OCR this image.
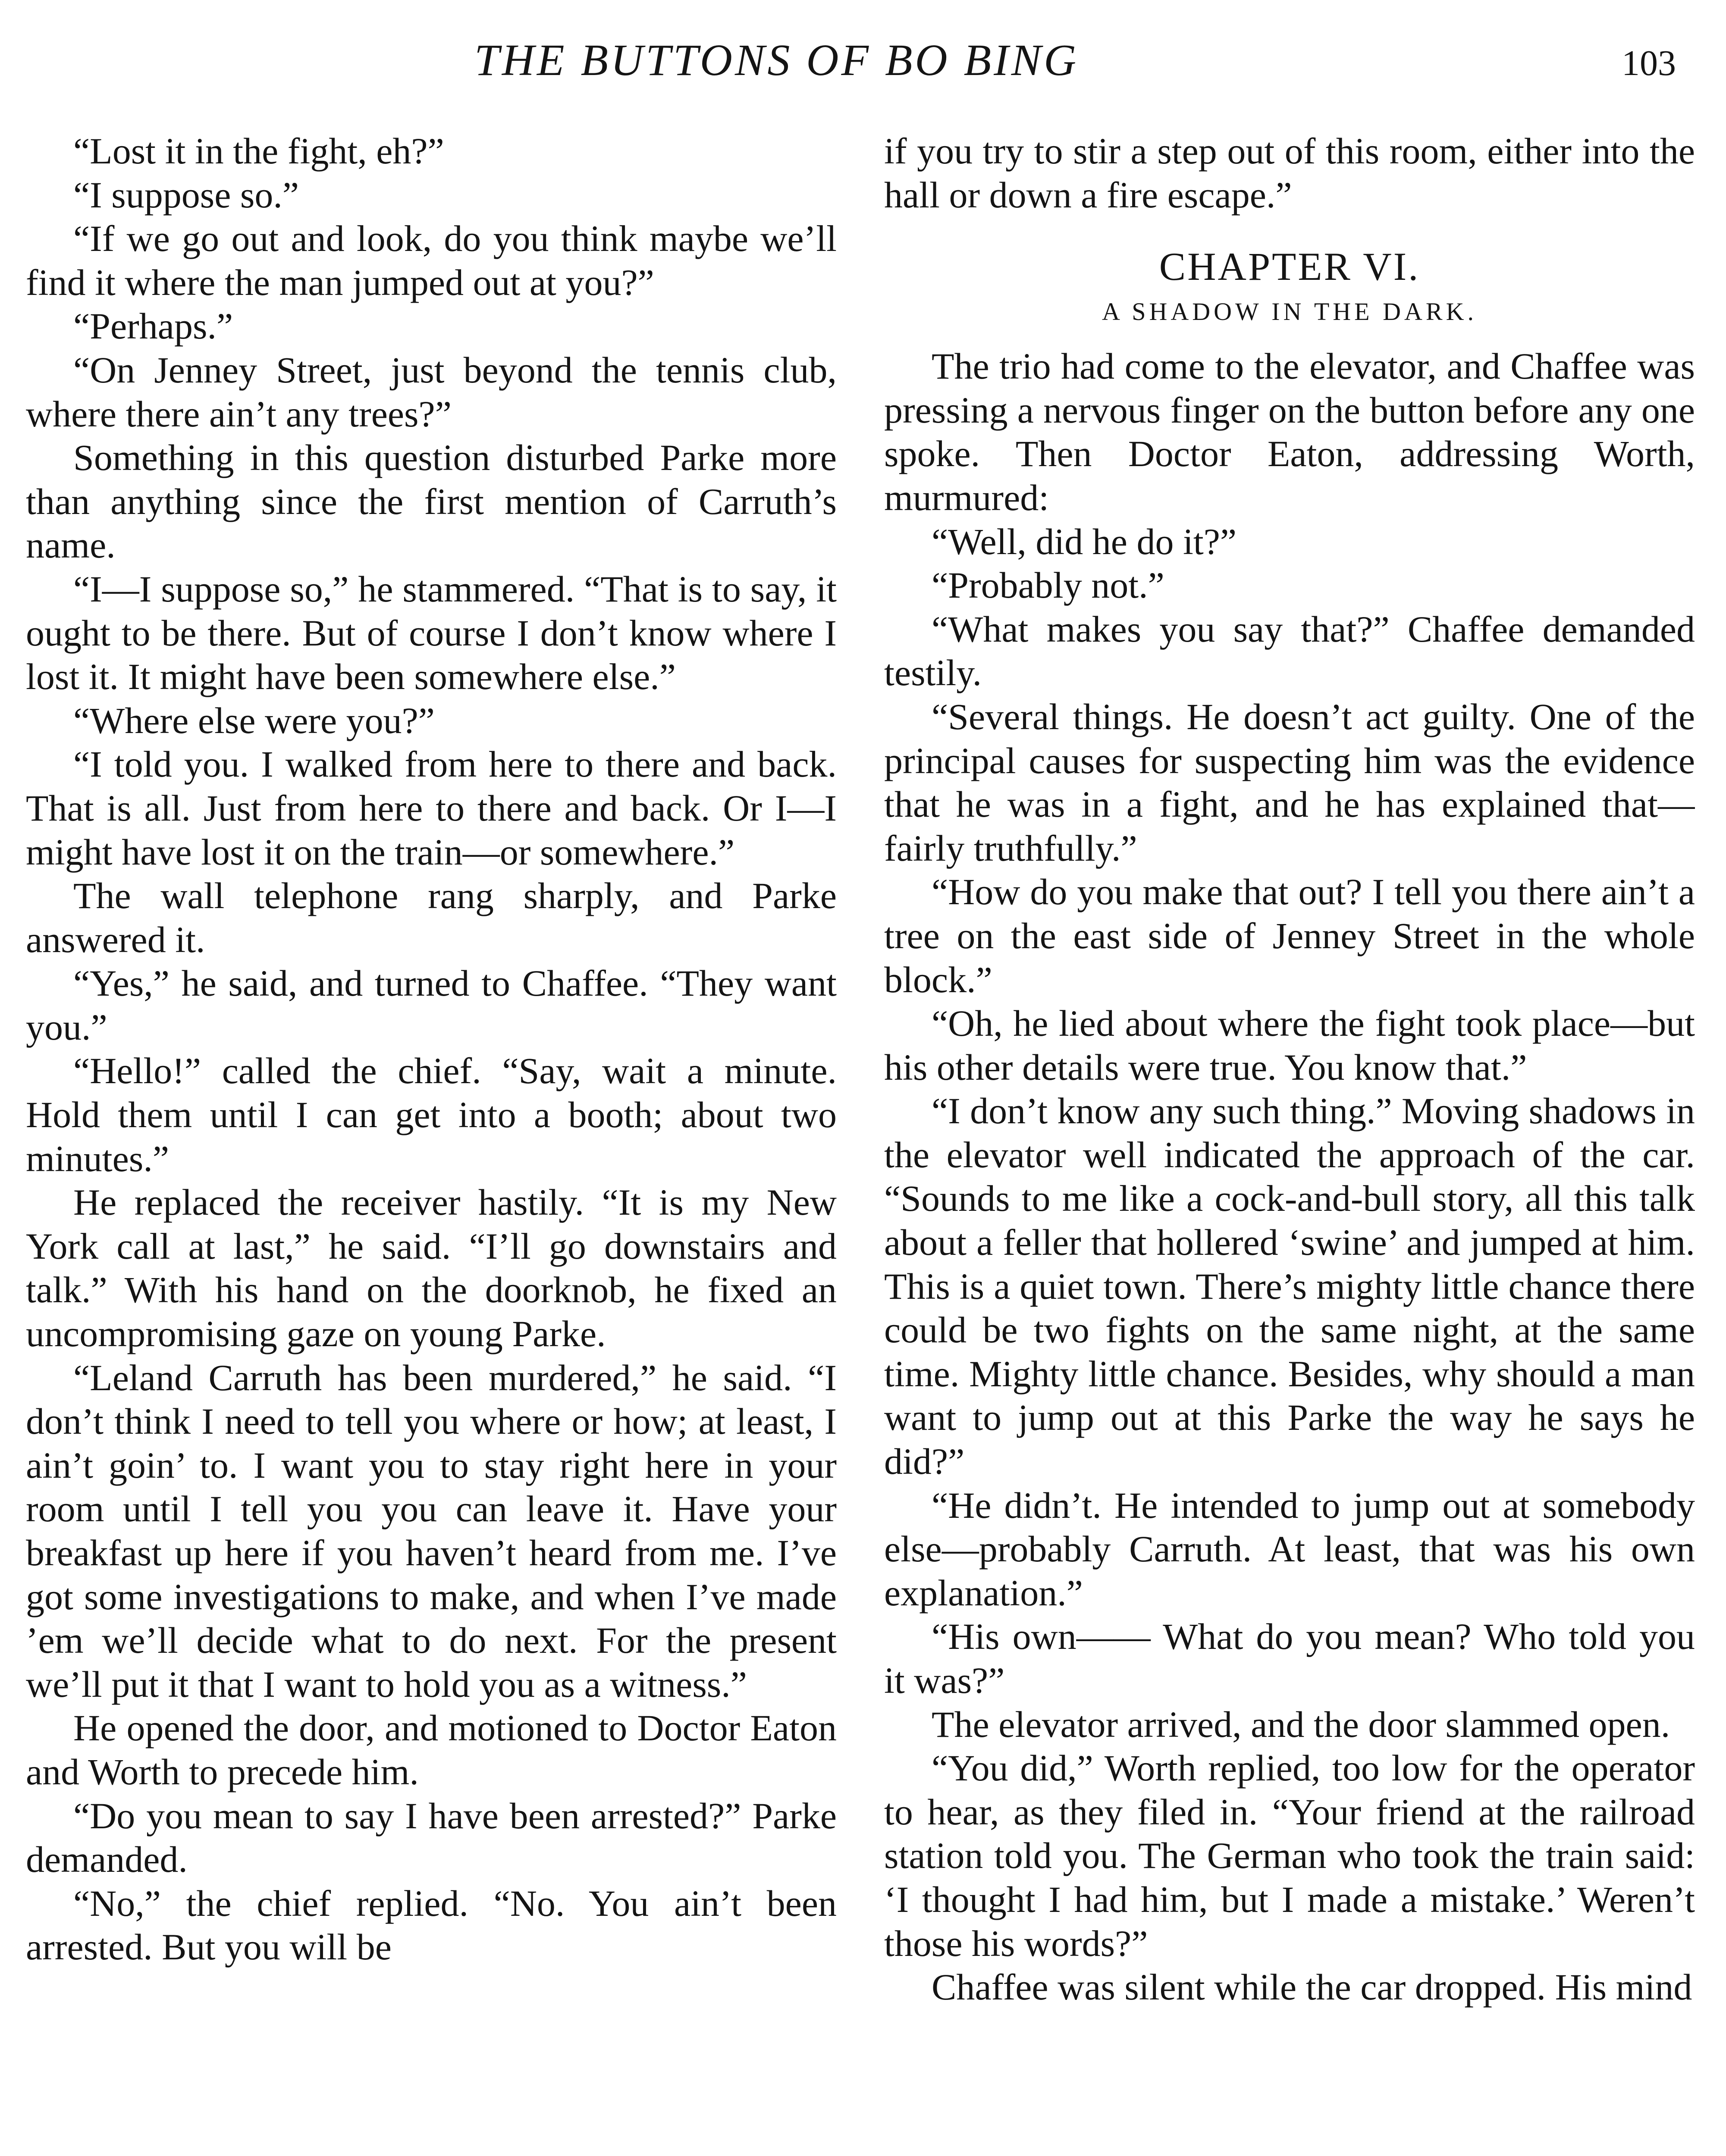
THE BUTTONS OF BO BING	103

“Lost it in the fight, eh?”

“I suppose so.”

“If we go out and look, do you think maybe we’ll find it where the man jumped out at you?”

“Perhaps.”

“On Jenney Street, just beyond the tennis club, where there ain’t any trees?”

Something in this question disturbed Parke more than anything since the first mention of Carruth’s name.

“I—I suppose so,” he stammered. “That is to say, it ought to be there. But of course I don’t know where I lost it. It might have been somewhere else.”

“Where else were you?”

“I told you. I walked from here to there and back. That is all. Just from here to there and back. Or I—I might have lost it on the train—or somewhere.”

The wall telephone rang sharply, and Parke answered it.

“Yes,” he said, and turned to Chaffee. “They want you.”

“Hello!” called the chief. “Say, wait a minute. Hold them until I can get into a booth; about two minutes.”

He replaced the receiver hastily. “It is my New York call at last,” he said. “I’ll go downstairs and talk.” With his hand on the doorknob, he fixed an uncompromising gaze on young Parke.

“Leland Carruth has been murdered,” he said. “I don’t think I need to tell you where or how; at least, I ain’t goin’ to. I want you to stay right here in your room until I tell you you can leave it. Have your breakfast up here if you haven’t heard from me. I’ve got some investigations to make, and when I’ve made ’em we’ll decide what to do next. For the present we’ll put it that I want to hold you as a witness.”

He opened the door, and motioned to Doctor Eaton and Worth to precede him.

“Do you mean to say I have been arrested?” Parke demanded.

“No,” the chief replied. “No. You ain’t been arrested. But you will be

if you try to stir a step out of this room, either into the hall or down a fire escape.”

CHAPTER VI.
A SHADOW IN THE DARK.

The trio had come to the elevator, and Chaffee was pressing a nervous finger on the button before any one spoke. Then Doctor Eaton, addressing Worth, murmured:

“Well, did he do it?”

“Probably not.”

“What makes you say that?” Chaffee demanded testily.

“Several things. He doesn’t act guilty. One of the principal causes for suspecting him was the evidence that he was in a fight, and he has explained that—fairly truthfully.”

“How do you make that out? I tell you there ain’t a tree on the east side of Jenney Street in the whole block.”

“Oh, he lied about where the fight took place—but his other details were true. You know that.”

“I don’t know any such thing.” Moving shadows in the elevator well indicated the approach of the car. “Sounds to me like a cock-and-bull story, all this talk about a feller that hollered ‘swine’ and jumped at him. This is a quiet town. There’s mighty little chance there could be two fights on the same night, at the same time. Mighty little chance. Besides, why should a man want to jump out at this Parke the way he says he did?”

“He didn’t. He intended to jump out at somebody else—probably Carruth. At least, that was his own explanation.”

“His own—— What do you mean? Who told you it was?”

The elevator arrived, and the door slammed open.

“You did,” Worth replied, too low for the operator to hear, as they filed in. “Your friend at the railroad station told you. The German who took the train said: ‘I thought I had him, but I made a mistake.’ Weren’t those his words?”

Chaffee was silent while the car dropped. His mind
